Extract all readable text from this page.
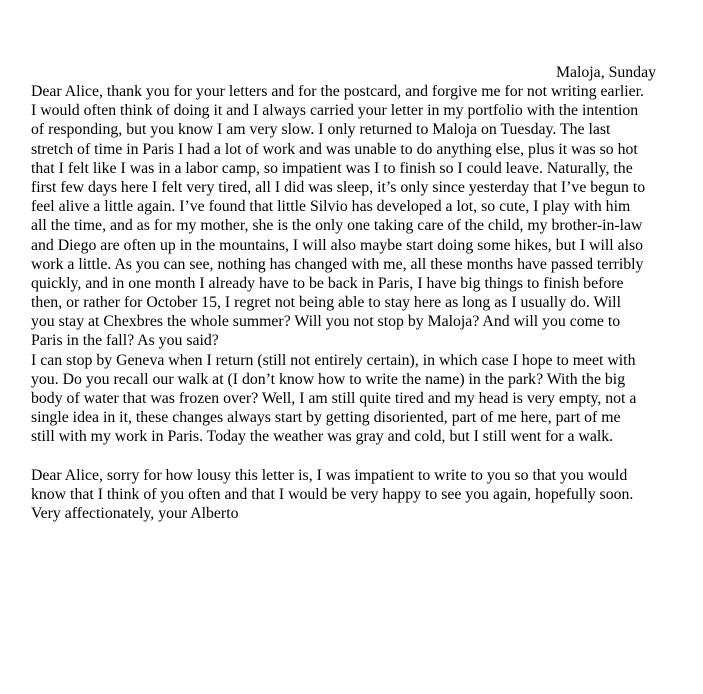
Maloja, Sunday
Dear Alice, thank you for your letters and for the postcard, and forgive me for not writing earlier.
I would often think of doing it and I always carried your letter in my portfolio with the intention
of responding, but you know I am very slow. I only returned to Maloja on Tuesday. The last
stretch of time in Paris I had a lot of work and was unable to do anything else, plus it was so hot
that I felt like I was in a labor camp, so impatient was I to finish so I could leave. Naturally, the
first few days here I felt very tired, all I did was sleep, it’s only since yesterday that I’ve begun to
feel alive a little again. I’ve found that little Silvio has developed a lot, so cute, I play with him
all the time, and as for my mother, she is the only one taking care of the child, my brother-in-law
and Diego are often up in the mountains, I will also maybe start doing some hikes, but I will also
work a little. As you can see, nothing has changed with me, all these months have passed terribly
quickly, and in one month I already have to be back in Paris, I have big things to finish before
then, or rather for October 15, I regret not being able to stay here as long as I usually do. Will
you stay at Chexbres the whole summer? Will you not stop by Maloja? And will you come to
Paris in the fall? As you said?
I can stop by Geneva when I return (still not entirely certain), in which case I hope to meet with
you. Do you recall our walk at (I don’t know how to write the name) in the park? With the big
body of water that was frozen over? Well, I am still quite tired and my head is very empty, not a
single idea in it, these changes always start by getting disoriented, part of me here, part of me
still with my work in Paris. Today the weather was gray and cold, but I still went for a walk.
Dear Alice, sorry for how lousy this letter is, I was impatient to write to you so that you would
know that I think of you often and that I would be very happy to see you again, hopefully soon.
Very affectionately, your Alberto
